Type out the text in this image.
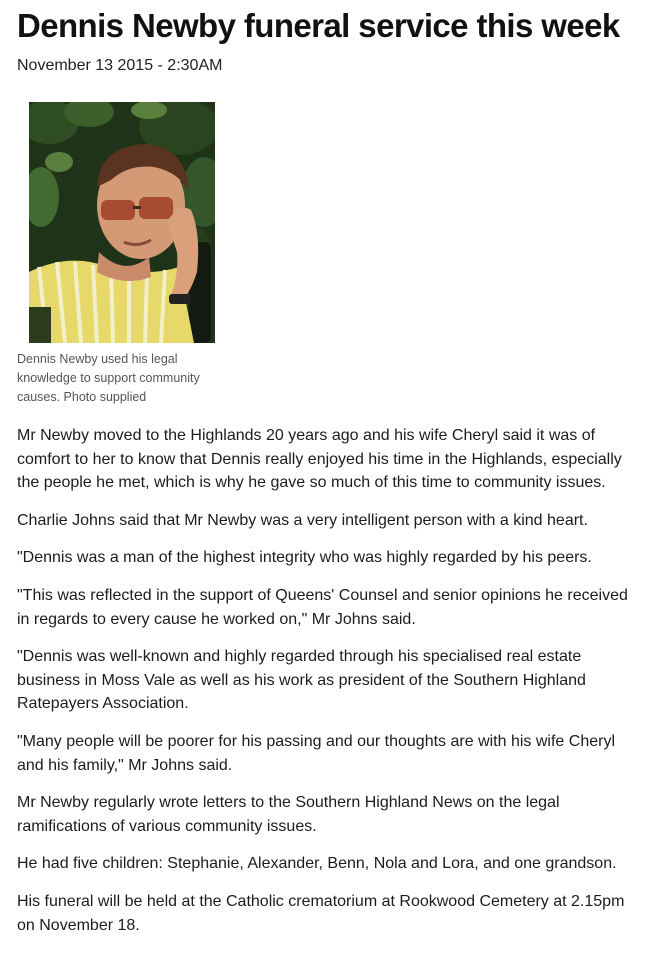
Dennis Newby funeral service this week
November 13 2015 - 2:30AM
Dennis Newby used his legal knowledge to support community causes. Photo supplied

Mr Newby moved to the Highlands 20 years ago and his wife Cheryl said it was of comfort to her to know that Dennis really enjoyed his time in the Highlands, especially the people he met, which is why he gave so much of this time to community issues.

Charlie Johns said that Mr Newby was a very intelligent person with a kind heart.

"Dennis was a man of the highest integrity who was highly regarded by his peers.

"This was reflected in the support of Queens' Counsel and senior opinions he received in regards to every cause he worked on," Mr Johns said.

"Dennis was well-known and highly regarded through his specialised real estate business in Moss Vale as well as his work as president of the Southern Highland Ratepayers Association.

"Many people will be poorer for his passing and our thoughts are with his wife Cheryl and his family," Mr Johns said.

Mr Newby regularly wrote letters to the Southern Highland News on the legal ramifications of various community issues.

He had five children: Stephanie, Alexander, Benn, Nola and Lora, and one grandson.

His funeral will be held at the Catholic crematorium at Rookwood Cemetery at 2.15pm on November 18.
